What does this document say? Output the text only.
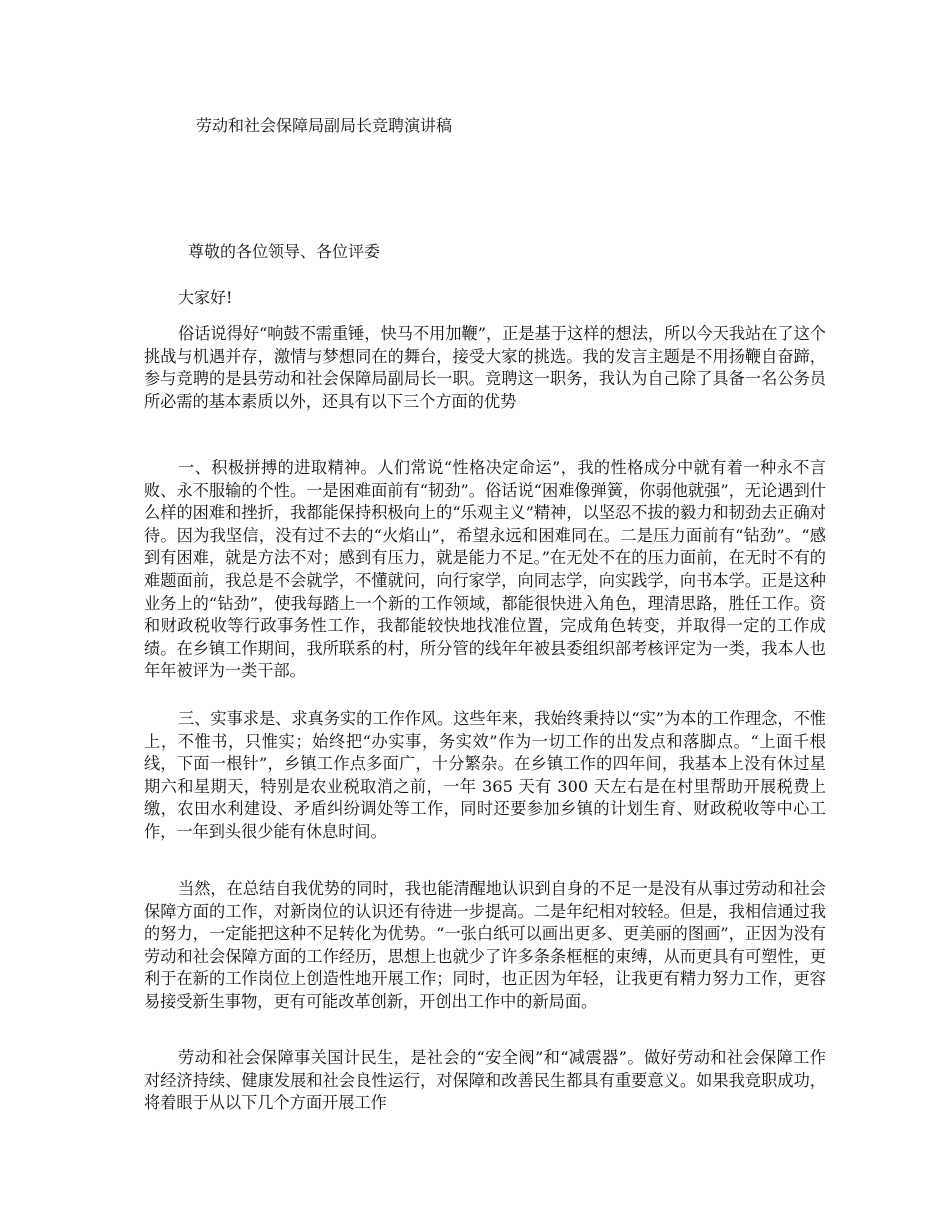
劳动和社会保障局副局长竞聘演讲稿
尊敬的各位领导、各位评委
大家好!

俗话说得好“响鼓不需重锤，快马不用加鞭”，正是基于这样的想法，所以今天我站在了这个挑战与机遇并存，激情与梦想同在的舞台，接受大家的挑选。我的发言主题是不用扬鞭自奋蹄，参与竞聘的是县劳动和社会保障局副局长一职。竞聘这一职务，我认为自己除了具备一名公务员所必需的基本素质以外，还具有以下三个方面的优势

一、积极拼搏的进取精神。人们常说“性格决定命运”，我的性格成分中就有着一种永不言败、永不服输的个性。一是困难面前有“韧劲”。俗话说“困难像弹簧，你弱他就强”，无论遇到什么样的困难和挫折，我都能保持积极向上的“乐观主义”精神，以坚忍不拔的毅力和韧劲去正确对待。因为我坚信，没有过不去的“火焰山”，希望永远和困难同在。二是压力面前有“钻劲”。“感到有困难，就是方法不对；感到有压力，就是能力不足。”在无处不在的压力面前，在无时不有的难题面前，我总是不会就学，不懂就问，向行家学，向同志学，向实践学，向书本学。正是这种业务上的“钻劲”，使我每踏上一个新的工作领域，都能很快进入角色，理清思路，胜任工作。资和财政税收等行政事务性工作，我都能较快地找准位置，完成角色转变，并取得一定的工作成绩。在乡镇工作期间，我所联系的村，所分管的线年年被县委组织部考核评定为一类，我本人也年年被评为一类干部。

三、实事求是、求真务实的工作作风。这些年来，我始终秉持以“实”为本的工作理念，不惟上，不惟书，只惟实；始终把“办实事，务实效”作为一切工作的出发点和落脚点。“上面千根线，下面一根针”，乡镇工作点多面广，十分繁杂。在乡镇工作的四年间，我基本上没有休过星期六和星期天，特别是农业税取消之前，一年 365 天有 300 天左右是在村里帮助开展税费上缴，农田水利建设、矛盾纠纷调处等工作，同时还要参加乡镇的计划生育、财政税收等中心工作，一年到头很少能有休息时间。

当然，在总结自我优势的同时，我也能清醒地认识到自身的不足一是没有从事过劳动和社会保障方面的工作，对新岗位的认识还有待进一步提高。二是年纪相对较轻。但是，我相信通过我的努力，一定能把这种不足转化为优势。“一张白纸可以画出更多、更美丽的图画”，正因为没有劳动和社会保障方面的工作经历，思想上也就少了许多条条框框的束缚，从而更具有可塑性，更利于在新的工作岗位上创造性地开展工作；同时，也正因为年轻，让我更有精力努力工作，更容易接受新生事物，更有可能改革创新，开创出工作中的新局面。

劳动和社会保障事关国计民生，是社会的“安全阀”和“减震器”。做好劳动和社会保障工作对经济持续、健康发展和社会良性运行，对保障和改善民生都具有重要意义。如果我竞职成功，将着眼于从以下几个方面开展工作
